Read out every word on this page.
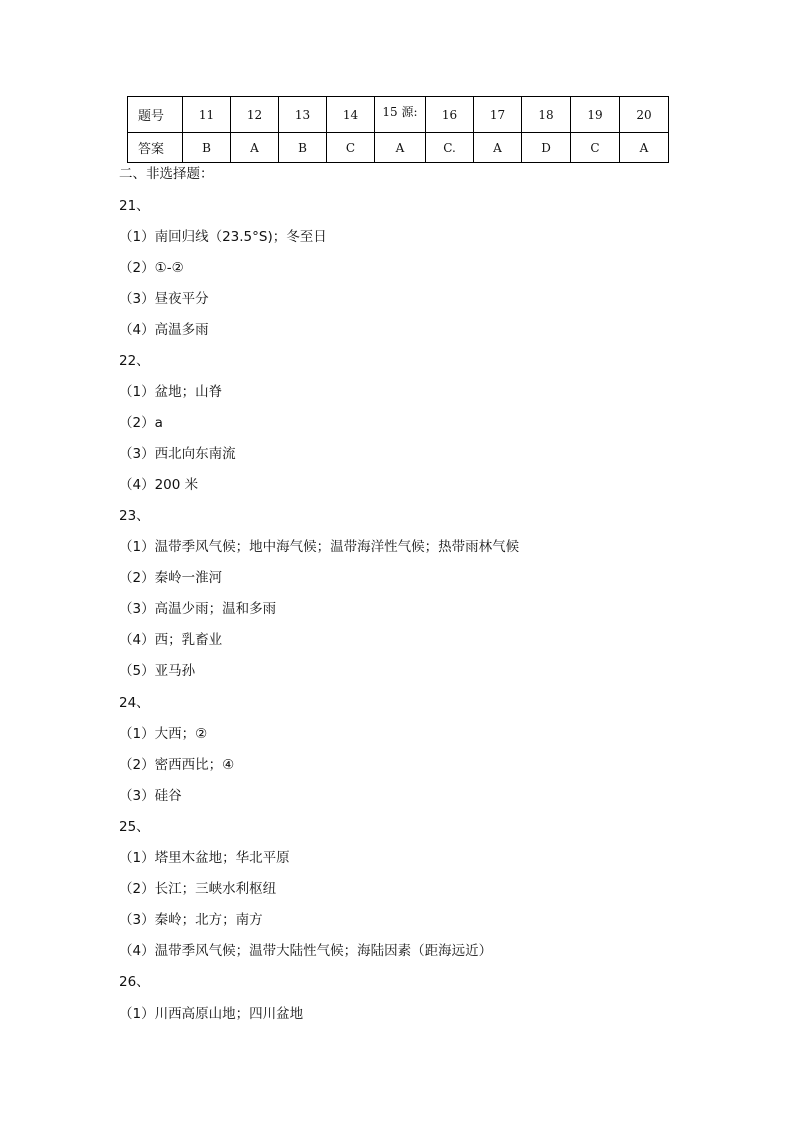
题号	11	12	13	14	15 源:	16	17	18	19	20
答案	B	A	B	C	A	C.	A	D	C	A
二、非选择题：
21、
（1）南回归线（23.5°S)；冬至日
（2）①-②
（3）昼夜平分
（4）高温多雨
22、
（1）盆地；山脊
（2）a
（3）西北向东南流
（4）200 米
23、
（1）温带季风气候；地中海气候；温带海洋性气候；热带雨林气候
（2）秦岭一淮河
（3）高温少雨；温和多雨
（4）西；乳畜业
（5）亚马孙
24、
（1）大西；②
（2）密西西比；④
（3）硅谷
25、
（1）塔里木盆地；华北平原
（2）长江；三峡水利枢纽
（3）秦岭；北方；南方
（4）温带季风气候；温带大陆性气候；海陆因素（距海远近）
26、
（1）川西高原山地；四川盆地
